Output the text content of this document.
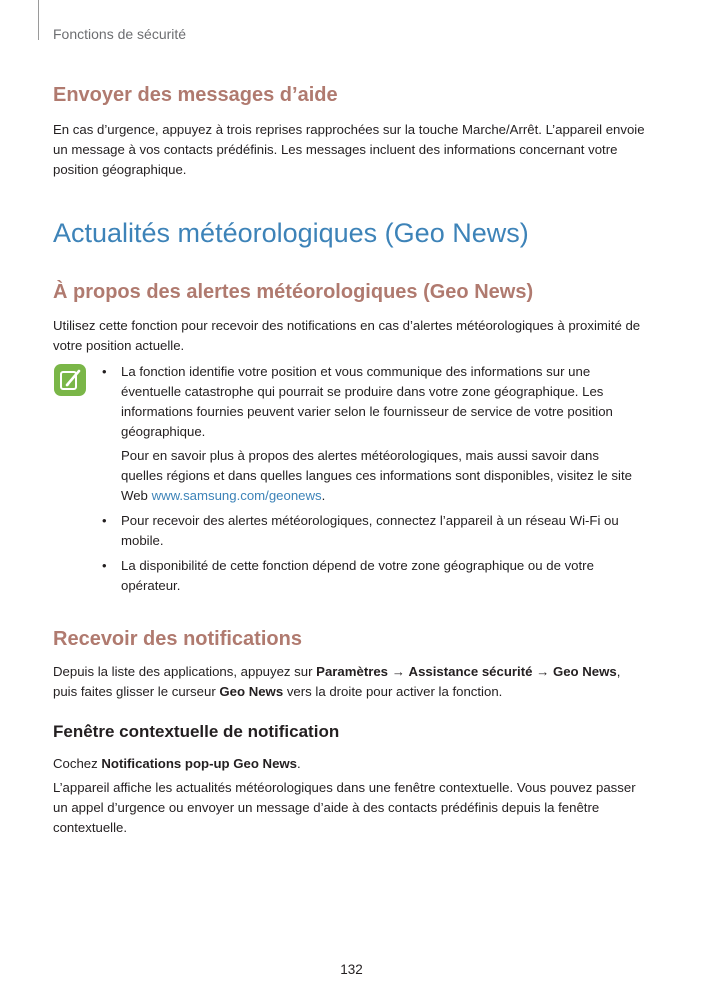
Fonctions de sécurité
Envoyer des messages d’aide

En cas d’urgence, appuyez à trois reprises rapprochées sur la touche Marche/Arrêt. L’appareil envoie un message à vos contacts prédéfinis. Les messages incluent des informations concernant votre position géographique.

Actualités météorologiques (Geo News)
À propos des alertes météorologiques (Geo News)

Utilisez cette fonction pour recevoir des notifications en cas d’alertes météorologiques à proximité de votre position actuelle.

• La fonction identifie votre position et vous communique des informations sur une éventuelle catastrophe qui pourrait se produire dans votre zone géographique. Les informations fournies peuvent varier selon le fournisseur de service de votre position géographique.

Pour en savoir plus à propos des alertes météorologiques, mais aussi savoir dans quelles régions et dans quelles langues ces informations sont disponibles, visitez le site Web www.samsung.com/geonews.

• Pour recevoir des alertes météorologiques, connectez l’appareil à un réseau Wi-Fi ou mobile.

• La disponibilité de cette fonction dépend de votre zone géographique ou de votre opérateur.

Recevoir des notifications

Depuis la liste des applications, appuyez sur Paramètres → Assistance sécurité → Geo News, puis faites glisser le curseur Geo News vers la droite pour activer la fonction.

Fenêtre contextuelle de notification

Cochez Notifications pop-up Geo News.

L’appareil affiche les actualités météorologiques dans une fenêtre contextuelle. Vous pouvez passer un appel d’urgence ou envoyer un message d’aide à des contacts prédéfinis depuis la fenêtre contextuelle.

132
